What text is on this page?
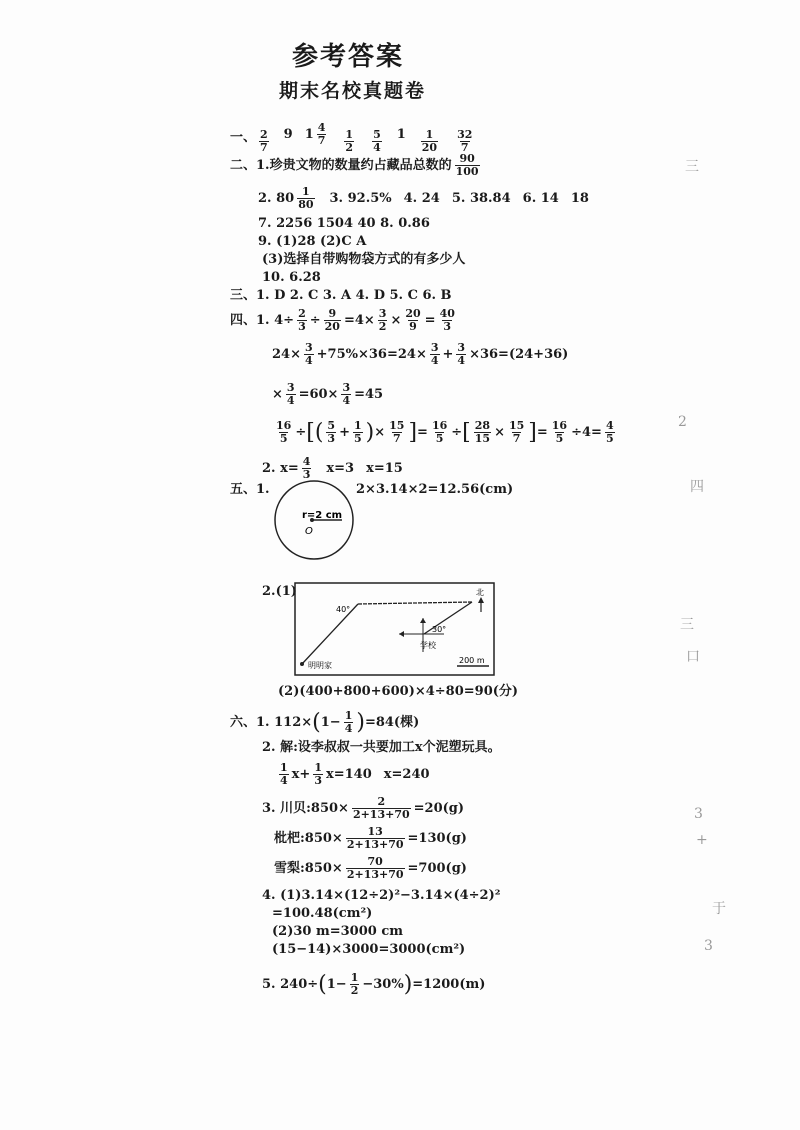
参考答案
期末名校真题卷
一、 2
7
9 1 4
7 1
2
5
4
1 1
20
32
7
二、 1. 珍贵文物的数量约占藏品总数的 90
100
2. 80 1
80 3. 92.5% 4. 24 5. 38.84 6. 14 18
7. 2256 1504 40 8. 0.86
9. (1)28 (2)C A
(3)选择自带购物袋方式的有多少人
10. 6.28
三、 1. D 2. C 3. A 4. D 5. C 6. B
四、 1. $4\div \frac{2}{3} \div \frac{9}{20} =4\times \frac{3}{2} \times \frac{20}{9} = \frac{40}{3}$
$24\times \frac{3}{4} +75\%\times 36=24\times \frac{3}{4} + \frac{3}{4} \times 36=(24+36)$
× $\frac{3}{4} =60\times \frac{3}{4} =45$
$\frac{16}{5}$ ÷ [ ( 5
$3 + \frac{1}{5}$ ) × $\frac{15}{7}$ ] = $\frac{16}{5}$ ÷ [ $\frac{28}{15} \times \frac{15}{7}$ ] = $\frac{16}{5} \div 4= \frac{4}{5}$
2. $x= \frac{4}{3} x=3$ x=15
五、 1.	2×3.14×2=12.56(cm)
r=2 cm
O
2.(1)
40°
30°
学校
明明家
北
200 m
(2)(400+800+600)×4÷80=90(分)
六、 1. 112× ( $1 - \frac{1}{4}$ ) =84(棵)
2. 解:设李叔叔一共要加工x个泥塑玩具。
1
4 $x+ \frac{1}{3} x=140$ x=240
3. 川贝:850× $\frac{2}{2+13+70} =20(g)$
枇杷:850× $\frac{13}{2+13+70} =130(g)$
雪梨:850× $\frac{70}{2+13+70} =700(g)$
4. (1)3.14×(12÷2)²−3.14×(4÷2)²
=100.48(cm²)
(2)30 m=3000 cm
(15−14)×3000=3000(cm²)
5. 240÷ ( $1- \frac{1}{2} -30\%$ ) =1200(m)
三
2
四
三
口
3
+
于
3
